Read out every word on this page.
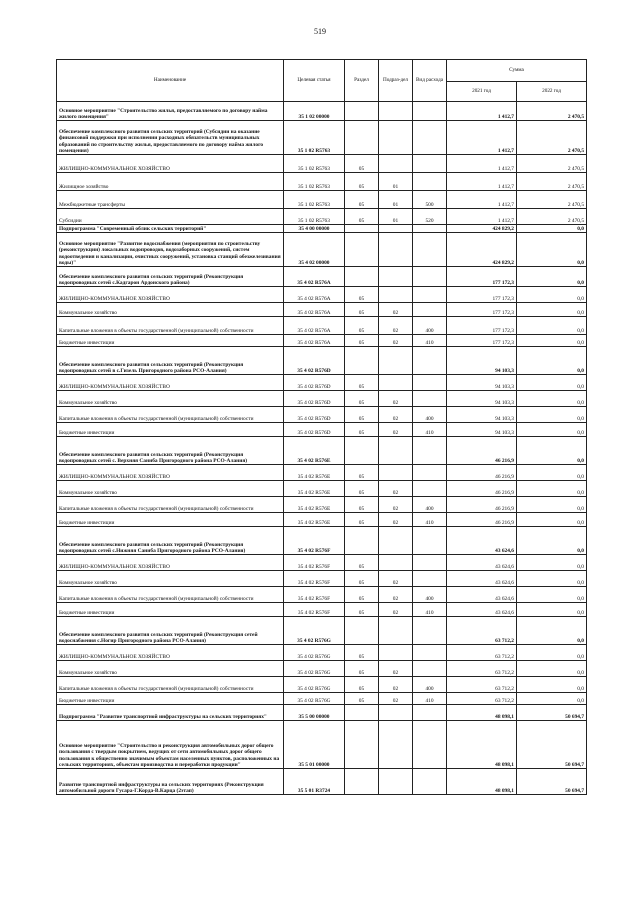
519
Наименование	Целевая статья	Раздел	Подраз-дел	Вид расхода	Сумма	
					2021 год	2022 год
Основное мероприятие "Строительство жилья, предоставляемого по договору найма жилого помещения"	35 1 02 00000				1 412,7	2 470,5
Обеспечение комплексного развития сельских территорий (Субсидии на оказание финансовой поддержки при исполнении расходных обязательств муниципальных образований по строительству жилья, предоставляемого по договору найма жилого помещения)	35 1 02 R5763				1 412,7	2 470,5
ЖИЛИЩНО-КОММУНАЛЬНОЕ ХОЗЯЙСТВО	35 1 02 R5763	05			1 412,7	2 470,5
Жилищное хозяйство	35 1 02 R5763	05	01		1 412,7	2 470,5
Межбюджетные трансферты	35 1 02 R5763	05	01	500	1 412,7	2 470,5
Субсидии	35 1 02 R5763	05	01	520	1 412,7	2 470,5
Подпрограмма "Современный облик сельских территорий"	35 4 00 00000				424 829,2	0,0
Основное мероприятие "Развитие водоснабжения (мероприятия по строительству (реконструкции) локальных водопроводов, водозаборных сооружений, систем водоотведения и канализации, очистных сооружений, установка станций обезжелезивания воды)"	35 4 02 00000				424 829,2	0,0
Обеспечение комплексного развития сельских территорий (Реконструкция водопроводных сетей с.Кадгарон Ардонского района)	35 4 02 R576A				177 172,3	0,0
ЖИЛИЩНО-КОММУНАЛЬНОЕ ХОЗЯЙСТВО	35 4 02 R576A	05			177 172,3	0,0
Коммунальное хозяйство	35 4 02 R576A	05	02		177 172,3	0,0
Капитальные вложения в объекты государственной (муниципальной) собственности	35 4 02 R576A	05	02	400	177 172,3	0,0
Бюджетные инвестиции	35 4 02 R576A	05	02	410	177 172,3	0,0
Обеспечение комплексного развития сельских территорий (Реконструкция водопроводных сетей в с.Гизель Пригородного района РСО-Алания)	35 4 02 R576D				94 103,3	0,0
ЖИЛИЩНО-КОММУНАЛЬНОЕ ХОЗЯЙСТВО	35 4 02 R576D	05			94 103,3	0,0
Коммунальное хозяйство	35 4 02 R576D	05	02		94 103,3	0,0
Капитальные вложения в объекты государственной (муниципальной) собственности	35 4 02 R576D	05	02	400	94 103,3	0,0
Бюджетные инвестиции	35 4 02 R576D	05	02	410	94 103,3	0,0
Обеспечение комплексного развития сельских территорий (Реконструкция водопроводных сетей с. Верхняя Саниба Пригородного района РСО-Алания)	35 4 02 R576E				46 216,9	0,0
ЖИЛИЩНО-КОММУНАЛЬНОЕ ХОЗЯЙСТВО	35 4 02 R576E	05			46 216,9	0,0
Коммунальное хозяйство	35 4 02 R576E	05	02		46 216,9	0,0
Капитальные вложения в объекты государственной (муниципальной) собственности	35 4 02 R576E	05	02	400	46 216,9	0,0
Бюджетные инвестиции	35 4 02 R576E	05	02	410	46 216,9	0,0
Обеспечение комплексного развития сельских территорий (Реконструкция водопроводных сетей с.Нижняя Саниба Пригородного района РСО-Алания)	35 4 02 R576F				43 624,6	0,0
ЖИЛИЩНО-КОММУНАЛЬНОЕ ХОЗЯЙСТВО	35 4 02 R576F	05			43 624,6	0,0
Коммунальное хозяйство	35 4 02 R576F	05	02		43 624,6	0,0
Капитальные вложения в объекты государственной (муниципальной) собственности	35 4 02 R576F	05	02	400	43 624,6	0,0
Бюджетные инвестиции	35 4 02 R576F	05	02	410	43 624,6	0,0
Обеспечение комплексного развития сельских территорий (Реконструкция сетей водоснабжения с.Ногир Пригородного района РСО-Алания)	35 4 02 R576G				63 712,2	0,0
ЖИЛИЩНО-КОММУНАЛЬНОЕ ХОЗЯЙСТВО	35 4 02 R576G	05			63 712,2	0,0
Коммунальное хозяйство	35 4 02 R576G	05	02		63 712,2	0,0
Капитальные вложения в объекты государственной (муниципальной) собственности	35 4 02 R576G	05	02	400	63 712,2	0,0
Бюджетные инвестиции	35 4 02 R576G	05	02	410	63 712,2	0,0
Подпрограмма "Развитие транспортной инфраструктуры на сельских территориях"	35 5 00 00000				48 098,1	50 694,7
Основное мероприятие "Строительство и реконструкция автомобильных дорог общего пользования с твердым покрытием, ведущих от сети автомобильных дорог общего пользования к общественно значимым объектам населенных пунктов, расположенных на сельских территориях, объектам производства и переработки продукции"	35 5 01 00000				48 098,1	50 694,7
Развитие транспортной инфраструктуры на сельских территориях (Реконструкция автомобильной дороги Гусара-Г.Корда-В.Карца (2этап)	35 5 01 R3724				48 098,1	50 694,7
